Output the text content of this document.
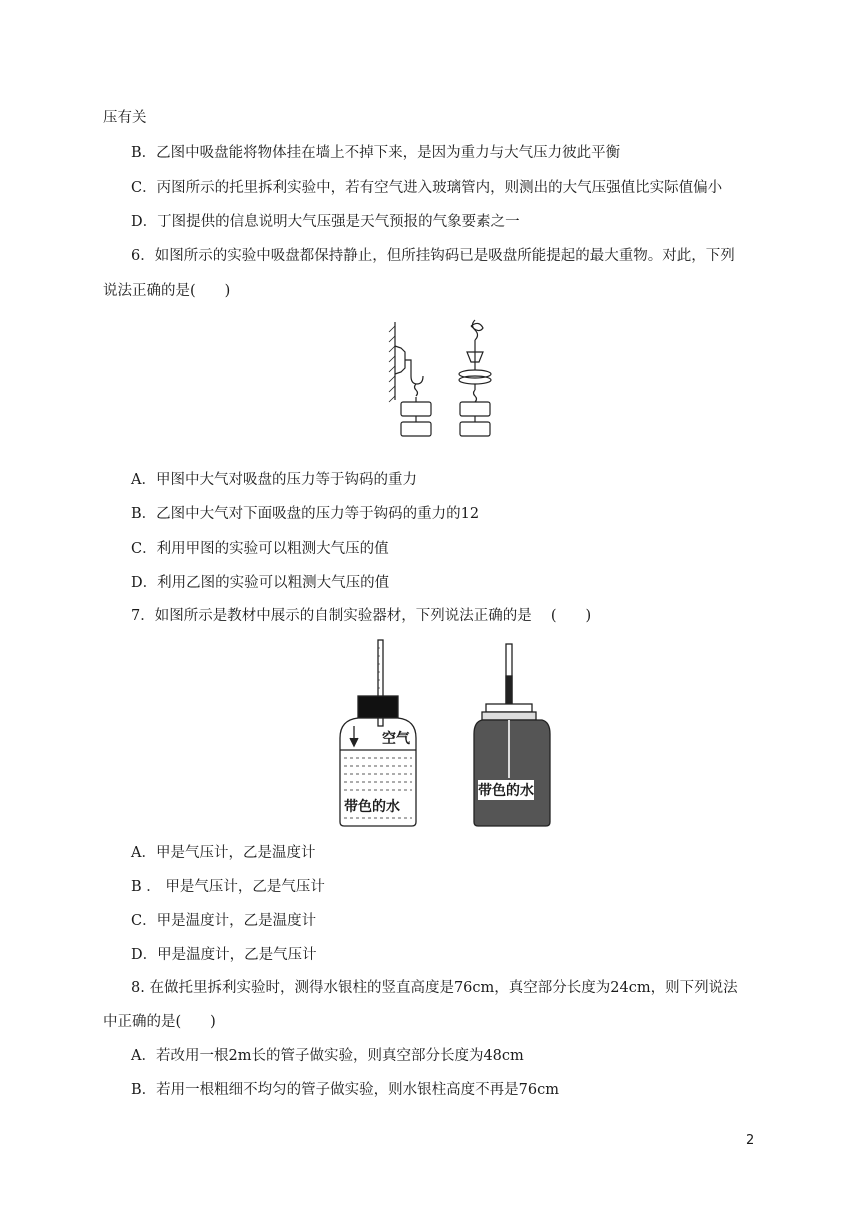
压有关
B．乙图中吸盘能将物体挂在墙上不掉下来，是因为重力与大气压力彼此平衡
C．丙图所示的托里拆利实验中，若有空气进入玻璃管内，则测出的大气压强值比实际值偏小
D．丁图提供的信息说明大气压强是天气预报的气象要素之一
6．如图所示的实验中吸盘都保持静止，但所挂钩码已是吸盘所能提起的最大重物。对此，下列
说法正确的是(　　)
A．甲图中大气对吸盘的压力等于钩码的重力
B．乙图中大气对下面吸盘的压力等于钩码的重力的12
C．利用甲图的实验可以粗测大气压的值
D．利用乙图的实验可以粗测大气压的值
7．如图所示是教材中展示的自制实验器材，下列说法正确的是　 (　　)
空气
带色的水
带色的水
A．甲是气压计，乙是温度计
B ． 甲是气压计，乙是气压计
C．甲是温度计，乙是温度计
D．甲是温度计，乙是气压计
8. 在做托里拆利实验时，测得水银柱的竖直高度是76cm，真空部分长度为24cm，则下列说法
中正确的是(　　)
A．若改用一根2m长的管子做实验，则真空部分长度为48cm
B．若用一根粗细不均匀的管子做实验，则水银柱高度不再是76cm
2
